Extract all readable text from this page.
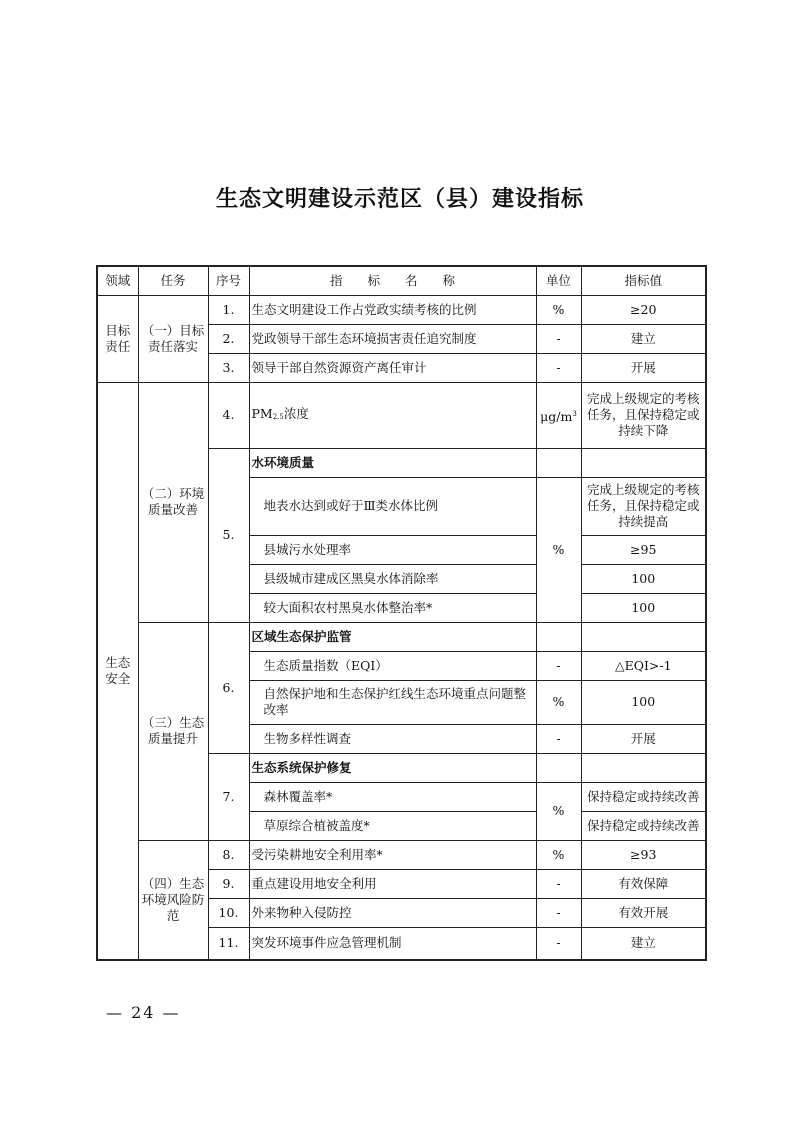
生态文明建设示范区（县）建设指标
领域	任务	序号	指　　标　　名　　称	单位	指标值
目标责任	（一）目标责任落实	1.	生态文明建设工作占党政实绩考核的比例	%	≥20
		2.	党政领导干部生态环境损害责任追究制度	-	建立
		3.	领导干部自然资源资产离任审计	-	开展
生态安全	（二）环境质量改善	4.	$PM_{2.5}$浓度	$\mu g/m^3$	完成上级规定的考核任务，且保持稳定或持续下降
		5.	水环境质量		
			地表水达到或好于Ⅲ类水体比例	%	完成上级规定的考核任务，且保持稳定或持续提高
			县城污水处理率		≥95
			县级城市建成区黑臭水体消除率		100
			较大面积农村黑臭水体整治率*		100
	（三）生态质量提升	6.	区域生态保护监管		
			生态质量指数（EQI）	-	△EQI>-1
			自然保护地和生态保护红线生态环境重点问题整改率	%	100
			生物多样性调查	-	开展
		7.	生态系统保护修复		
			森林覆盖率*	%	保持稳定或持续改善
			草原综合植被盖度*		保持稳定或持续改善
	（四）生态环境风险防范	8.	受污染耕地安全利用率*	%	≥93
		9.	重点建设用地安全利用	-	有效保障
		10.	外来物种入侵防控	-	有效开展
		11.	突发环境事件应急管理机制	-	建立
— 24 —
